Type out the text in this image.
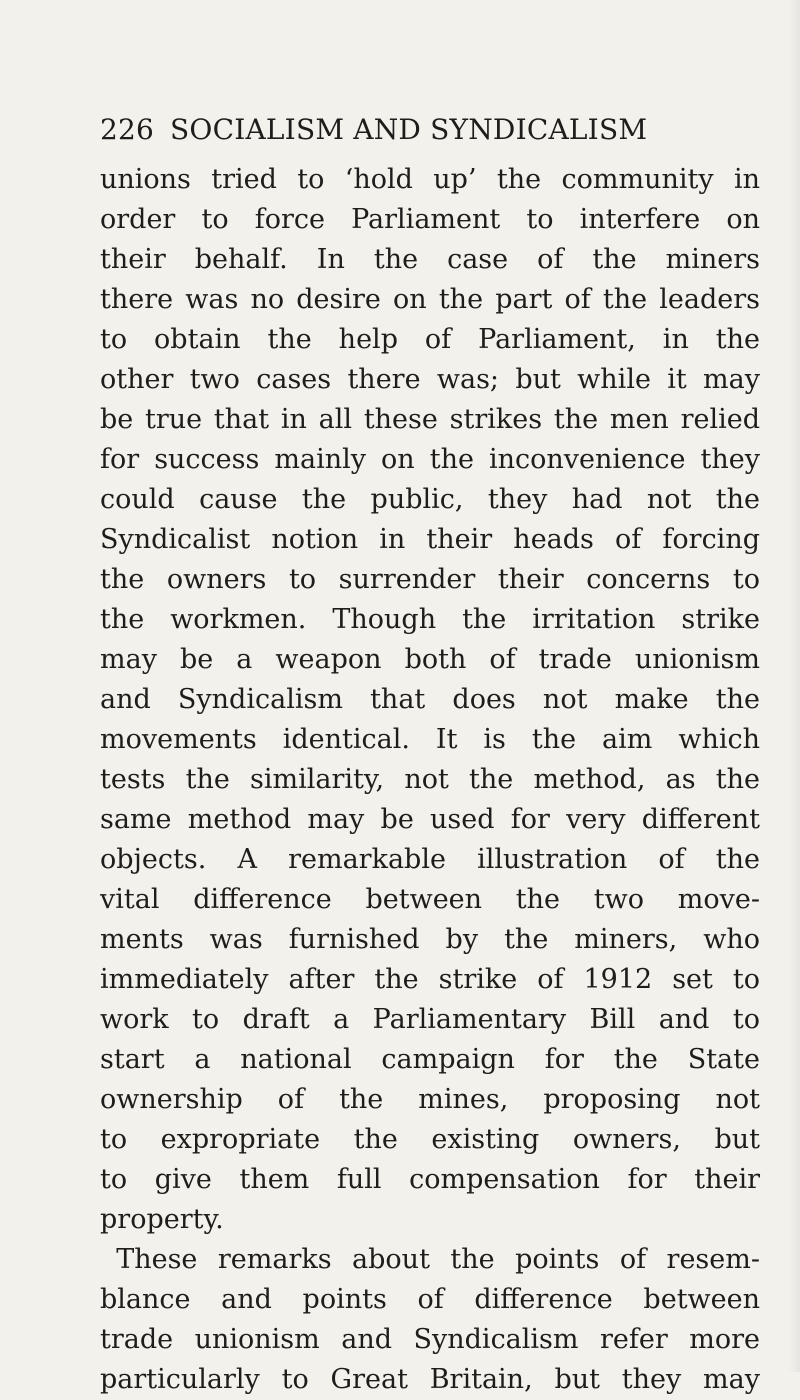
226 SOCIALISM AND SYNDICALISM
unions tried to ‘hold up’ the community in
order to force Parliament to interfere on
their behalf. In the case of the miners
there was no desire on the part of the leaders
to obtain the help of Parliament, in the
other two cases there was; but while it may
be true that in all these strikes the men relied
for success mainly on the inconvenience they
could cause the public, they had not the
Syndicalist notion in their heads of forcing
the owners to surrender their concerns to
the workmen. Though the irritation strike
may be a weapon both of trade unionism
and Syndicalism that does not make the
movements identical. It is the aim which
tests the similarity, not the method, as the
same method may be used for very different
objects. A remarkable illustration of the
vital difference between the two move-
ments was furnished by the miners, who
immediately after the strike of 1912 set to
work to draft a Parliamentary Bill and to
start a national campaign for the State
ownership of the mines, proposing not
to expropriate the existing owners, but
to give them full compensation for their
property.
These remarks about the points of resem-
blance and points of difference between
trade unionism and Syndicalism refer more
particularly to Great Britain, but they may
